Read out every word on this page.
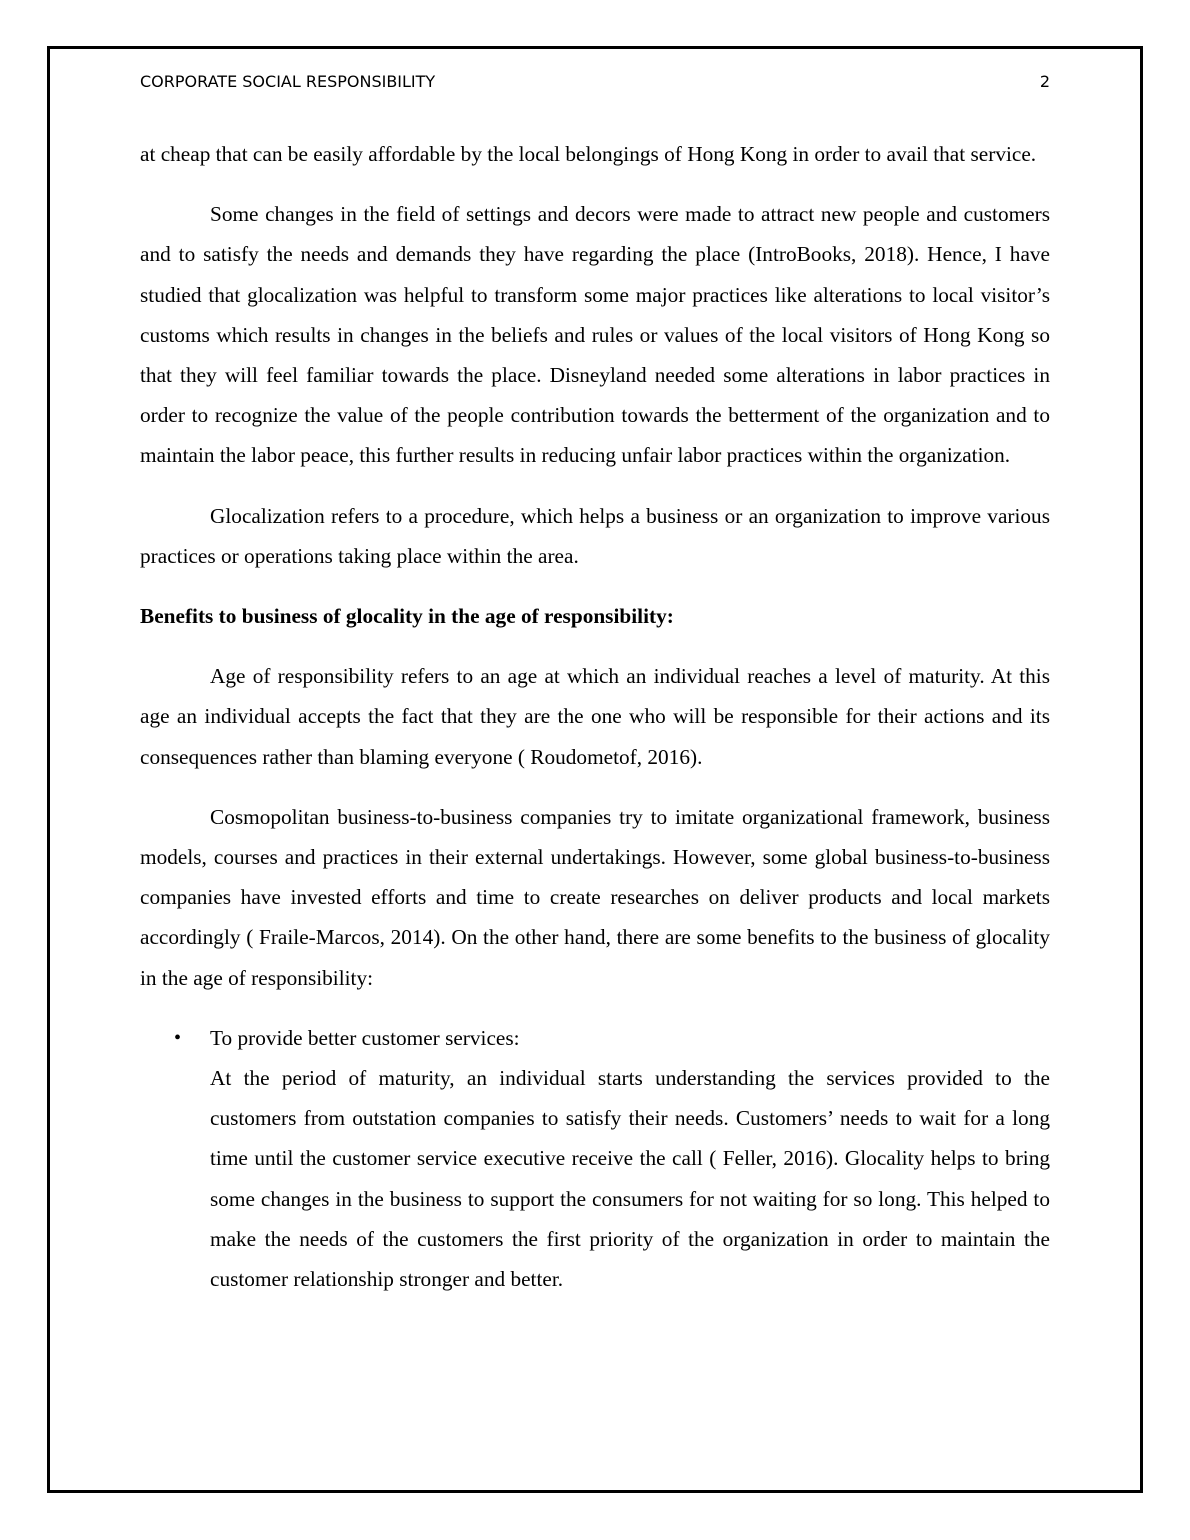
CORPORATE SOCIAL RESPONSIBILITY	2

at cheap that can be easily affordable by the local belongings of Hong Kong in order to avail that service.

Some changes in the field of settings and decors were made to attract new people and customers and to satisfy the needs and demands they have regarding the place (IntroBooks, 2018). Hence, I have studied that glocalization was helpful to transform some major practices like alterations to local visitor’s customs which results in changes in the beliefs and rules or values of the local visitors of Hong Kong so that they will feel familiar towards the place. Disneyland needed some alterations in labor practices in order to recognize the value of the people contribution towards the betterment of the organization and to maintain the labor peace, this further results in reducing unfair labor practices within the organization.

Glocalization refers to a procedure, which helps a business or an organization to improve various practices or operations taking place within the area.

Benefits to business of glocality in the age of responsibility:

Age of responsibility refers to an age at which an individual reaches a level of maturity. At this age an individual accepts the fact that they are the one who will be responsible for their actions and its consequences rather than blaming everyone ( Roudometof, 2016).

Cosmopolitan business-to-business companies try to imitate organizational framework, business models, courses and practices in their external undertakings. However, some global business-to-business companies have invested efforts and time to create researches on deliver products and local markets accordingly ( Fraile-Marcos, 2014). On the other hand, there are some benefits to the business of glocality in the age of responsibility:

• To provide better customer services:

At the period of maturity, an individual starts understanding the services provided to the customers from outstation companies to satisfy their needs. Customers’ needs to wait for a long time until the customer service executive receive the call ( Feller, 2016). Glocality helps to bring some changes in the business to support the consumers for not waiting for so long. This helped to make the needs of the customers the first priority of the organization in order to maintain the customer relationship stronger and better.
